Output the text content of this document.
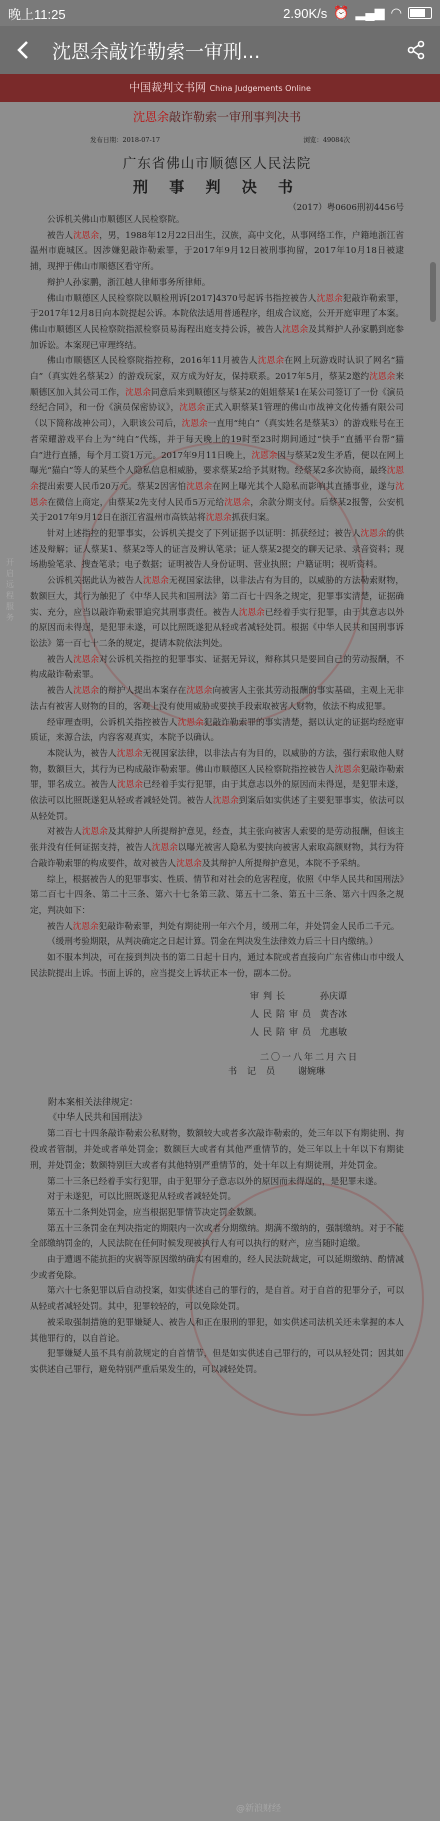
晚上11:25	2.90K/s ⏰ ▂▄▆ ◠
沈恩余敲诈勒索一审刑...
中国裁判文书网 China Judgements Online
开启远程服务
沈恩余敲诈勒索一审刑事判决书
发布日期：2018-07-17	浏览：49084次
广东省佛山市顺德区人民法院
刑 事 判 决 书
（2017）粤0606刑初4456号

公诉机关佛山市顺德区人民检察院。

被告人沈恩余，男，1988年12月22日出生，汉族，高中文化，从事网络工作，户籍地浙江省温州市鹿城区。因涉嫌犯敲诈勒索罪，于2017年9月12日被刑事拘留，2017年10月18日被逮捕，现押于佛山市顺德区看守所。

辩护人孙家鹏，浙江越人律师事务所律师。

佛山市顺德区人民检察院以顺检刑诉[2017]4370号起诉书指控被告人沈恩余犯敲诈勒索罪，于2017年12月8日向本院提起公诉。本院依法适用普通程序，组成合议庭，公开开庭审理了本案。佛山市顺德区人民检察院指派检察员易海程出庭支持公诉，被告人沈恩余及其辩护人孙家鹏到庭参加诉讼。本案现已审理终结。

佛山市顺德区人民检察院指控称，2016年11月被告人沈恩余在网上玩游戏时认识了网名“猫白”（真实姓名蔡某2）的游戏玩家，双方成为好友，保持联系。2017年5月，蔡某2邀约沈恩余来顺德区加入其公司工作，沈恩余同意后来到顺德区与蔡某2的姐姐蔡某1在某公司签订了一份《演员经纪合同》，和一份《演员保密协议》，沈恩余正式入职蔡某1管理的佛山市战神文化传播有限公司（以下简称战神公司），入职该公司后，沈恩余一直用“纯白”（真实姓名是蔡某3）的游戏账号在王者荣耀游戏平台上为“纯白”代练，并于每天晚上的19时至23时期间通过“快手”直播平台帮“猫白”进行直播，每个月工资1万元。2017年9月11日晚上，沈恩余因与蔡某2发生矛盾，便以在网上曝光“猫白”等人的某些个人隐私信息相威胁，要求蔡某2给予其财物。经蔡某2多次协商，最终沈恩余提出索要人民币20万元。蔡某2因害怕沈恩余在网上曝光其个人隐私而影响其直播事业，遂与沈恩余在微信上商定，由蔡某2先支付人民币5万元给沈恩余，余款分期支付。后蔡某2报警，公安机关于2017年9月12日在浙江省温州市高铁站将沈恩余抓获归案。

针对上述指控的犯罪事实，公诉机关提交了下列证据予以证明：抓获经过；被告人沈恩余的供述及辩解；证人蔡某1、蔡某2等人的证言及辨认笔录；证人蔡某2提交的聊天记录、录音资料；现场勘验笔录、搜查笔录；电子数据；证明被告人身份证明、营业执照；户籍证明；视听资料。

公诉机关据此认为被告人沈恩余无视国家法律，以非法占有为目的，以威胁的方法勒索财物，数额巨大，其行为触犯了《中华人民共和国刑法》第二百七十四条之规定，犯罪事实清楚，证据确实、充分，应当以敲诈勒索罪追究其刑事责任。被告人沈恩余已经着手实行犯罪，由于其意志以外的原因而未得逞，是犯罪未遂，可以比照既遂犯从轻或者减轻处罚。根据《中华人民共和国刑事诉讼法》第一百七十二条的规定，提请本院依法判处。

被告人沈恩余对公诉机关指控的犯罪事实、证据无异议，辩称其只是要回自己的劳动报酬，不构成敲诈勒索罪。

被告人沈恩余的辩护人提出本案存在沈恩余向被害人主张其劳动报酬的事实基础，主观上无非法占有被害人财物的目的，客观上没有使用威胁或要挟手段索取被害人财物，依法不构成犯罪。

经审理查明，公诉机关指控被告人沈恩余犯敲诈勒索罪的事实清楚，据以认定的证据均经庭审质证，来源合法，内容客观真实，本院予以确认。

本院认为，被告人沈恩余无视国家法律，以非法占有为目的，以威胁的方法，强行索取他人财物，数额巨大，其行为已构成敲诈勒索罪。佛山市顺德区人民检察院指控被告人沈恩余犯敲诈勒索罪，罪名成立。被告人沈恩余已经着手实行犯罪，由于其意志以外的原因而未得逞，是犯罪未遂，依法可以比照既遂犯从轻或者减轻处罚。被告人沈恩余到案后如实供述了主要犯罪事实，依法可以从轻处罚。

对被告人沈恩余及其辩护人所提辩护意见，经查，其主张向被害人索要的是劳动报酬，但该主张并没有任何证据支持，被告人沈恩余以曝光被害人隐私为要挟向被害人索取高额财物，其行为符合敲诈勒索罪的构成要件，故对被告人沈恩余及其辩护人所提辩护意见，本院不予采纳。

综上，根据被告人的犯罪事实、性质、情节和对社会的危害程度，依照《中华人民共和国刑法》第二百七十四条、第二十三条、第六十七条第三款、第五十二条、第五十三条、第六十四条之规定，判决如下：

被告人沈恩余犯敲诈勒索罪，判处有期徒刑一年六个月，缓刑二年，并处罚金人民币二千元。

（缓刑考验期限，从判决确定之日起计算。罚金在判决发生法律效力后三十日内缴纳。）

如不服本判决，可在接到判决书的第二日起十日内，通过本院或者直接向广东省佛山市中级人民法院提出上诉。书面上诉的，应当提交上诉状正本一份，副本二份。

审判长	孙庆谭
人民陪审员 黄杏冰
人民陪审员 尤惠敏
二〇一八年二月六日
书记员 谢婉琳
附本案相关法律规定：
《中华人民共和国刑法》

第二百七十四条敲诈勒索公私财物，数额较大或者多次敲诈勒索的，处三年以下有期徒刑、拘役或者管制，并处或者单处罚金；数额巨大或者有其他严重情节的，处三年以上十年以下有期徒刑，并处罚金；数额特别巨大或者有其他特别严重情节的，处十年以上有期徒刑，并处罚金。

第二十三条已经着手实行犯罪，由于犯罪分子意志以外的原因而未得逞的，是犯罪未遂。

对于未遂犯，可以比照既遂犯从轻或者减轻处罚。

第五十二条判处罚金，应当根据犯罪情节决定罚金数额。

第五十三条罚金在判决指定的期限内一次或者分期缴纳。期满不缴纳的，强制缴纳。对于不能全部缴纳罚金的，人民法院在任何时候发现被执行人有可以执行的财产，应当随时追缴。

由于遭遇不能抗拒的灾祸等原因缴纳确实有困难的，经人民法院裁定，可以延期缴纳、酌情减少或者免除。

第六十七条犯罪以后自动投案，如实供述自己的罪行的，是自首。对于自首的犯罪分子，可以从轻或者减轻处罚。其中，犯罪较轻的，可以免除处罚。

被采取强制措施的犯罪嫌疑人、被告人和正在服刑的罪犯，如实供述司法机关还未掌握的本人其他罪行的，以自首论。

犯罪嫌疑人虽不具有前款规定的自首情节，但是如实供述自己罪行的，可以从轻处罚；因其如实供述自己罪行，避免特别严重后果发生的，可以减轻处罚。

@新浪财经
